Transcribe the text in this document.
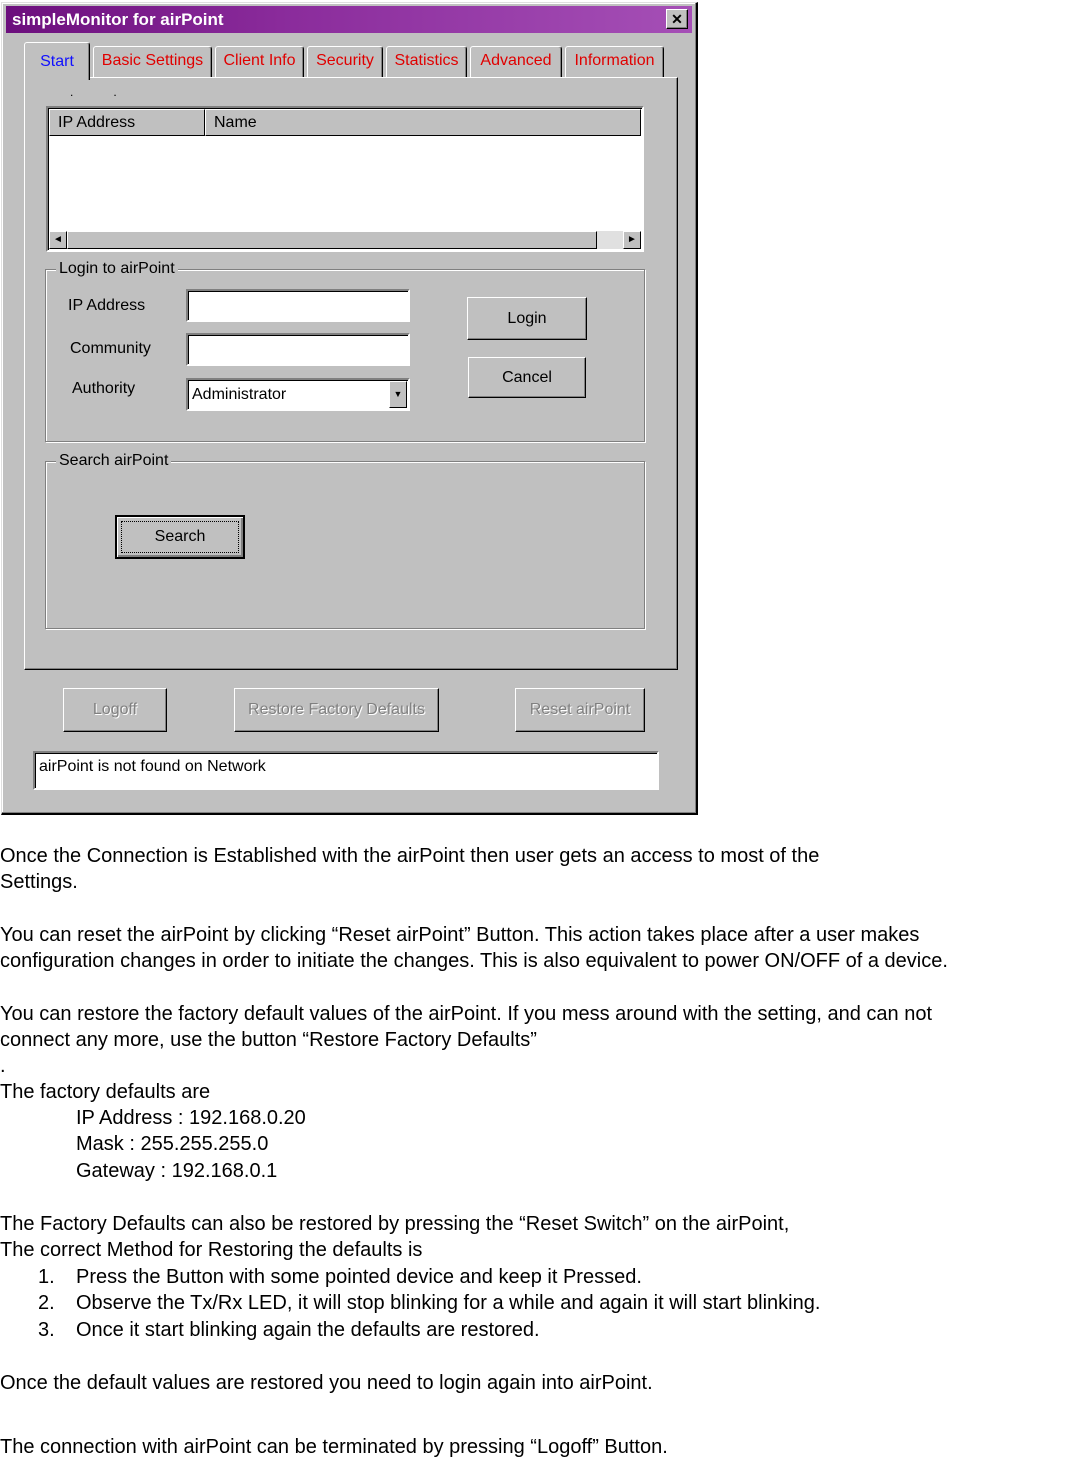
simpleMonitor for airPoint	✕
Start	Basic Settings	Client Info	Security	Statistics	Advanced	Information
..
IP Address	Name
◄	►
Login to airPoint
IP Address
Community
Authority	Administrator	▼
Login
Cancel
Search airPoint
Search
Logoff	Restore Factory Defaults	Reset airPoint
airPoint is not found on Network
Once the Connection is Established with the airPoint then user gets an access to most of the
Settings.
You can reset the airPoint by clicking “Reset airPoint” Button. This action takes place after a user makes
configuration changes in order to initiate the changes. This is also equivalent to power ON/OFF of a device.
You can restore the factory default values of the airPoint. If you mess around with the setting, and can not
connect any more, use the button “Restore Factory Defaults”
.
The factory defaults are
IP Address : 192.168.0.20
Mask : 255.255.255.0
Gateway : 192.168.0.1
The Factory Defaults can also be restored by pressing the “Reset Switch” on the airPoint,
The correct Method for Restoring the defaults is
1. Press the Button with some pointed device and keep it Pressed.
2. Observe the Tx/Rx LED, it will stop blinking for a while and again it will start blinking.
3. Once it start blinking again the defaults are restored.
Once the default values are restored you need to login again into airPoint.
The connection with airPoint can be terminated by pressing “Logoff” Button.
